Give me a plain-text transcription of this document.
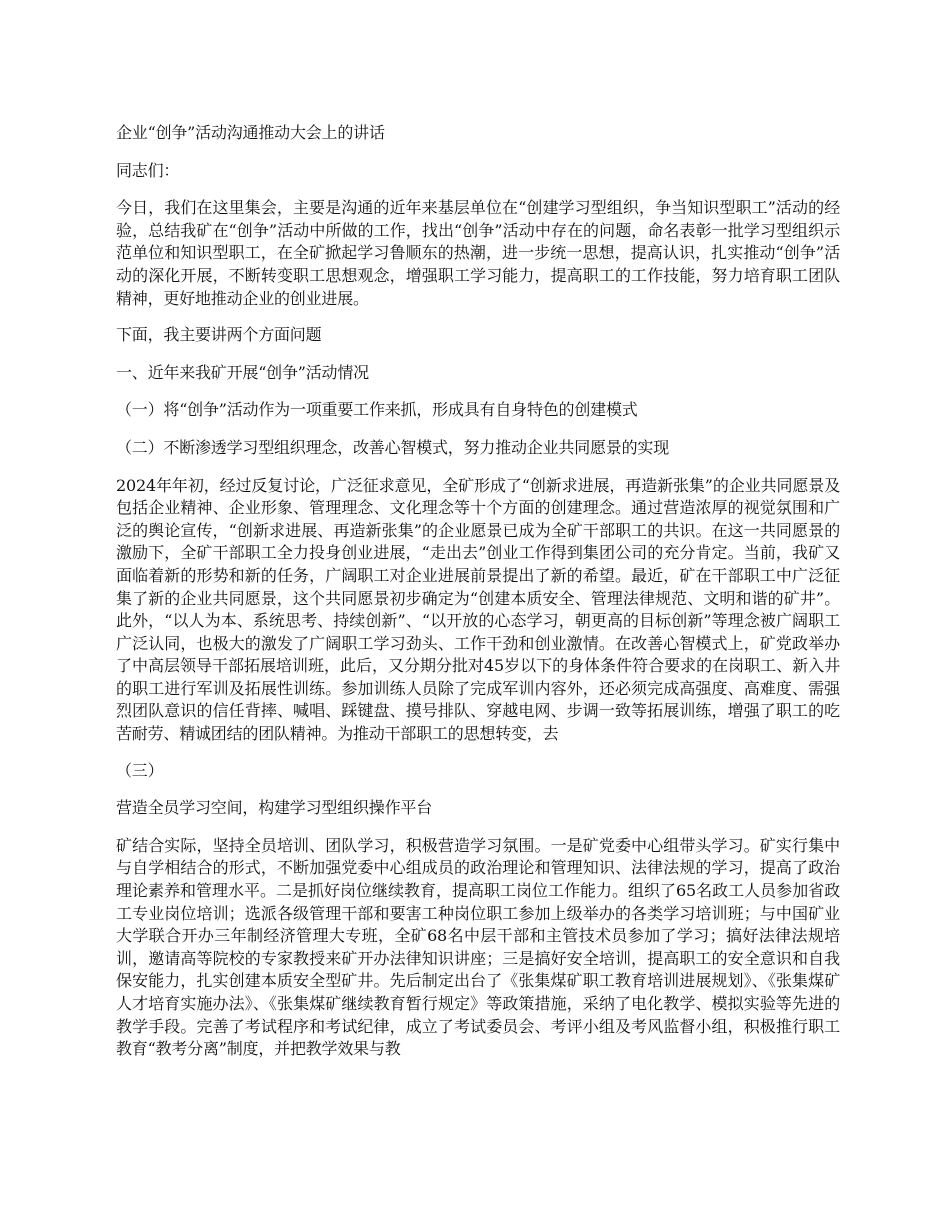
企业“创争”活动沟通推动大会上的讲话

同志们：

今日，我们在这里集会，主要是沟通的近年来基层单位在“创建学习型组织，争当知识型职工”活动的经验，总结我矿在“创争”活动中所做的工作，找出“创争”活动中存在的问题，命名表彰一批学习型组织示范单位和知识型职工，在全矿掀起学习鲁顺东的热潮，进一步统一思想，提高认识，扎实推动“创争”活动的深化开展，不断转变职工思想观念，增强职工学习能力，提高职工的工作技能，努力培育职工团队精神，更好地推动企业的创业进展。

下面，我主要讲两个方面问题

一、近年来我矿开展“创争”活动情况

（一）将“创争”活动作为一项重要工作来抓，形成具有自身特色的创建模式

（二）不断渗透学习型组织理念，改善心智模式，努力推动企业共同愿景的实现

2024年年初，经过反复讨论，广泛征求意见，全矿形成了“创新求进展，再造新张集”的企业共同愿景及包括企业精神、企业形象、管理理念、文化理念等十个方面的创建理念。通过营造浓厚的视觉氛围和广泛的舆论宣传，“创新求进展、再造新张集”的企业愿景已成为全矿干部职工的共识。在这一共同愿景的激励下，全矿干部职工全力投身创业进展，“走出去”创业工作得到集团公司的充分肯定。当前，我矿又面临着新的形势和新的任务，广阔职工对企业进展前景提出了新的希望。最近，矿在干部职工中广泛征集了新的企业共同愿景，这个共同愿景初步确定为“创建本质安全、管理法律规范、文明和谐的矿井”。此外，“以人为本、系统思考、持续创新”、“以开放的心态学习，朝更高的目标创新”等理念被广阔职工广泛认同，也极大的激发了广阔职工学习劲头、工作干劲和创业激情。在改善心智模式上，矿党政举办了中高层领导干部拓展培训班，此后，又分期分批对45岁以下的身体条件符合要求的在岗职工、新入井的职工进行军训及拓展性训练。参加训练人员除了完成军训内容外，还必须完成高强度、高难度、需强烈团队意识的信任背摔、喊唱、踩键盘、摸号排队、穿越电网、步调一致等拓展训练，增强了职工的吃苦耐劳、精诚团结的团队精神。为推动干部职工的思想转变，去

（三）

营造全员学习空间，构建学习型组织操作平台

矿结合实际，坚持全员培训、团队学习，积极营造学习氛围。一是矿党委中心组带头学习。矿实行集中与自学相结合的形式，不断加强党委中心组成员的政治理论和管理知识、法律法规的学习，提高了政治理论素养和管理水平。二是抓好岗位继续教育，提高职工岗位工作能力。组织了65名政工人员参加省政工专业岗位培训；选派各级管理干部和要害工种岗位职工参加上级举办的各类学习培训班；与中国矿业大学联合开办三年制经济管理大专班，全矿68名中层干部和主管技术员参加了学习；搞好法律法规培训，邀请高等院校的专家教授来矿开办法律知识讲座；三是搞好安全培训，提高职工的安全意识和自我保安能力，扎实创建本质安全型矿井。先后制定出台了《张集煤矿职工教育培训进展规划》、《张集煤矿人才培育实施办法》、《张集煤矿继续教育暂行规定》等政策措施，采纳了电化教学、模拟实验等先进的教学手段。完善了考试程序和考试纪律，成立了考试委员会、考评小组及考风监督小组，积极推行职工教育“教考分离”制度，并把教学效果与教
